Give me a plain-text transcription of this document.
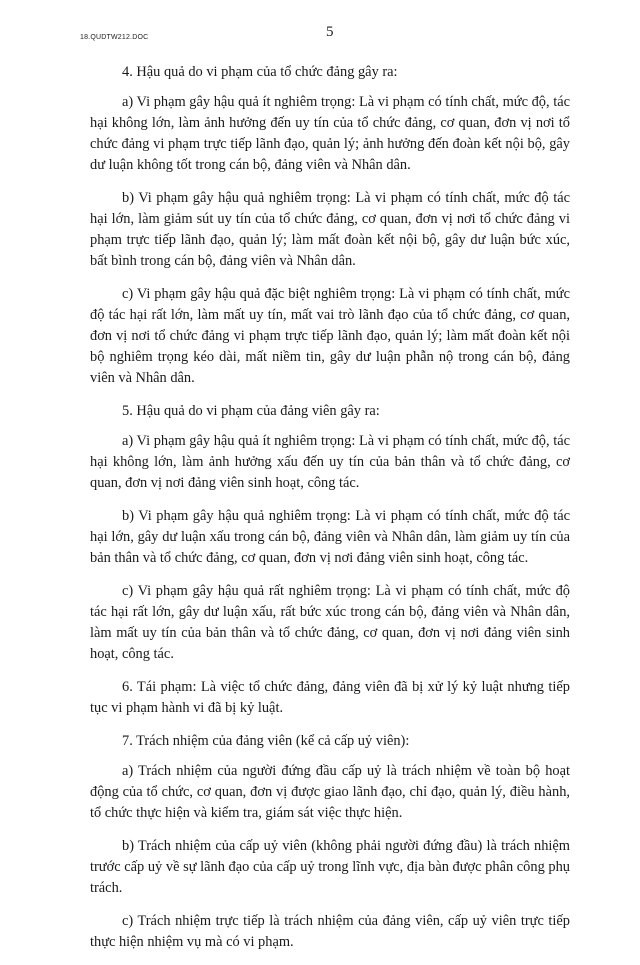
18.QUDTW212.DOC	5

4. Hậu quả do vi phạm của tổ chức đảng gây ra:

a) Vi phạm gây hậu quả ít nghiêm trọng: Là vi phạm có tính chất, mức độ, tác hại không lớn, làm ảnh hưởng đến uy tín của tổ chức đảng, cơ quan, đơn vị nơi tổ chức đảng vi phạm trực tiếp lãnh đạo, quản lý; ảnh hưởng đến đoàn kết nội bộ, gây dư luận không tốt trong cán bộ, đảng viên và Nhân dân.

b) Vi phạm gây hậu quả nghiêm trọng: Là vi phạm có tính chất, mức độ tác hại lớn, làm giảm sút uy tín của tổ chức đảng, cơ quan, đơn vị nơi tổ chức đảng vi phạm trực tiếp lãnh đạo, quản lý; làm mất đoàn kết nội bộ, gây dư luận bức xúc, bất bình trong cán bộ, đảng viên và Nhân dân.

c) Vi phạm gây hậu quả đặc biệt nghiêm trọng: Là vi phạm có tính chất, mức độ tác hại rất lớn, làm mất uy tín, mất vai trò lãnh đạo của tổ chức đảng, cơ quan, đơn vị nơi tổ chức đảng vi phạm trực tiếp lãnh đạo, quản lý; làm mất đoàn kết nội bộ nghiêm trọng kéo dài, mất niềm tin, gây dư luận phẫn nộ trong cán bộ, đảng viên và Nhân dân.

5. Hậu quả do vi phạm của đảng viên gây ra:

a) Vi phạm gây hậu quả ít nghiêm trọng: Là vi phạm có tính chất, mức độ, tác hại không lớn, làm ảnh hưởng xấu đến uy tín của bản thân và tổ chức đảng, cơ quan, đơn vị nơi đảng viên sinh hoạt, công tác.

b) Vi phạm gây hậu quả nghiêm trọng: Là vi phạm có tính chất, mức độ tác hại lớn, gây dư luận xấu trong cán bộ, đảng viên và Nhân dân, làm giảm uy tín của bản thân và tổ chức đảng, cơ quan, đơn vị nơi đảng viên sinh hoạt, công tác.

c) Vi phạm gây hậu quả rất nghiêm trọng: Là vi phạm có tính chất, mức độ tác hại rất lớn, gây dư luận xấu, rất bức xúc trong cán bộ, đảng viên và Nhân dân, làm mất uy tín của bản thân và tổ chức đảng, cơ quan, đơn vị nơi đảng viên sinh hoạt, công tác.

6. Tái phạm: Là việc tổ chức đảng, đảng viên đã bị xử lý kỷ luật nhưng tiếp tục vi phạm hành vi đã bị kỷ luật.

7. Trách nhiệm của đảng viên (kể cả cấp uỷ viên):

a) Trách nhiệm của người đứng đầu cấp uỷ là trách nhiệm về toàn bộ hoạt động của tổ chức, cơ quan, đơn vị được giao lãnh đạo, chỉ đạo, quản lý, điều hành, tổ chức thực hiện và kiểm tra, giám sát việc thực hiện.

b) Trách nhiệm của cấp uỷ viên (không phải người đứng đầu) là trách nhiệm trước cấp uỷ về sự lãnh đạo của cấp uỷ trong lĩnh vực, địa bàn được phân công phụ trách.

c) Trách nhiệm trực tiếp là trách nhiệm của đảng viên, cấp uỷ viên trực tiếp thực hiện nhiệm vụ mà có vi phạm.
